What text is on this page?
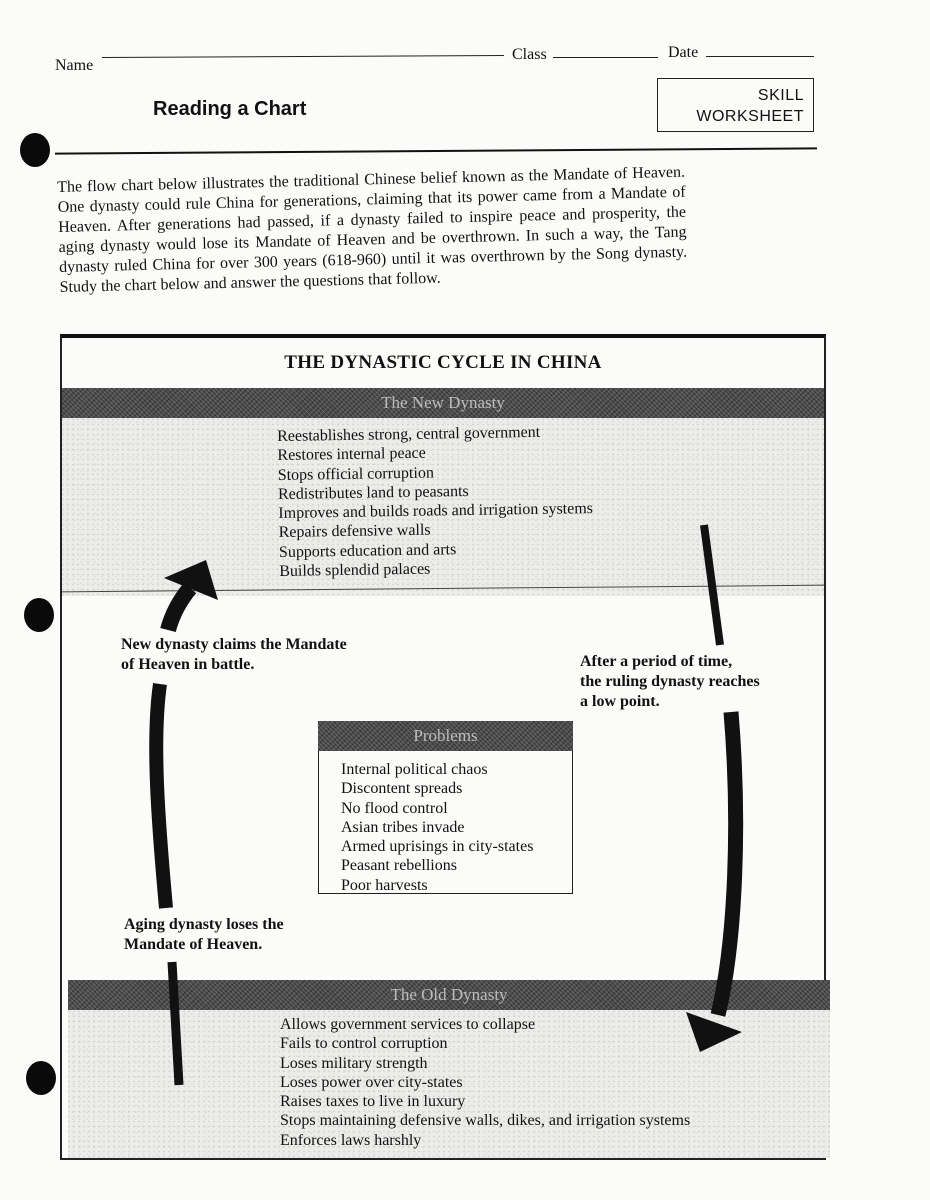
Name
Class	Date
Reading a Chart
SKILL
WORKSHEET
The flow chart below illustrates the traditional Chinese belief known as the Mandate of Heaven. One dynasty could rule China for generations, claiming that its power came from a Mandate of Heaven. After generations had passed, if a dynasty failed to inspire peace and prosperity, the aging dynasty would lose its Mandate of Heaven and be overthrown. In such a way, the Tang dynasty ruled China for over 300 years (618-960) until it was overthrown by the Song dynasty. Study the chart below and answer the questions that follow.
THE DYNASTIC CYCLE IN CHINA
The New Dynasty
Reestablishes strong, central government
Restores internal peace
Stops official corruption
Redistributes land to peasants
Improves and builds roads and irrigation systems
Repairs defensive walls
Supports education and arts
Builds splendid palaces
New dynasty claims the Mandate
of Heaven in battle.	After a period of time,
the ruling dynasty reaches
a low point.
Aging dynasty loses the
Mandate of Heaven.
Problems
Internal political chaos
Discontent spreads
No flood control
Asian tribes invade
Armed uprisings in city-states
Peasant rebellions
Poor harvests
The Old Dynasty
Allows government services to collapse
Fails to control corruption
Loses military strength
Loses power over city-states
Raises taxes to live in luxury
Stops maintaining defensive walls, dikes, and irrigation systems
Enforces laws harshly
